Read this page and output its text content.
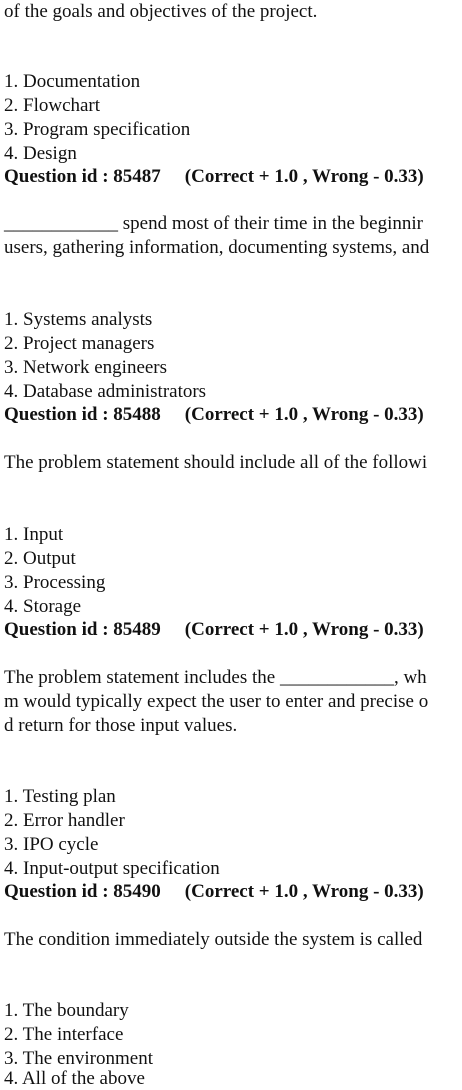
of the goals and objectives of the project.
1. Documentation
2. Flowchart
3. Program specification
4. Design
Question id : 85487 (Correct + 1.0 , Wrong - 0.33)
____________ spend most of their time in the beginnir
users, gathering information, documenting systems, and
1. Systems analysts
2. Project managers
3. Network engineers
4. Database administrators
Question id : 85488 (Correct + 1.0 , Wrong - 0.33)
The problem statement should include all of the followi
1. Input
2. Output
3. Processing
4. Storage
Question id : 85489 (Correct + 1.0 , Wrong - 0.33)
The problem statement includes the ____________, wh
m would typically expect the user to enter and precise o
d return for those input values.
1. Testing plan
2. Error handler
3. IPO cycle
4. Input-output specification
Question id : 85490 (Correct + 1.0 , Wrong - 0.33)
The condition immediately outside the system is called
1. The boundary
2. The interface
3. The environment
4. All of the above
